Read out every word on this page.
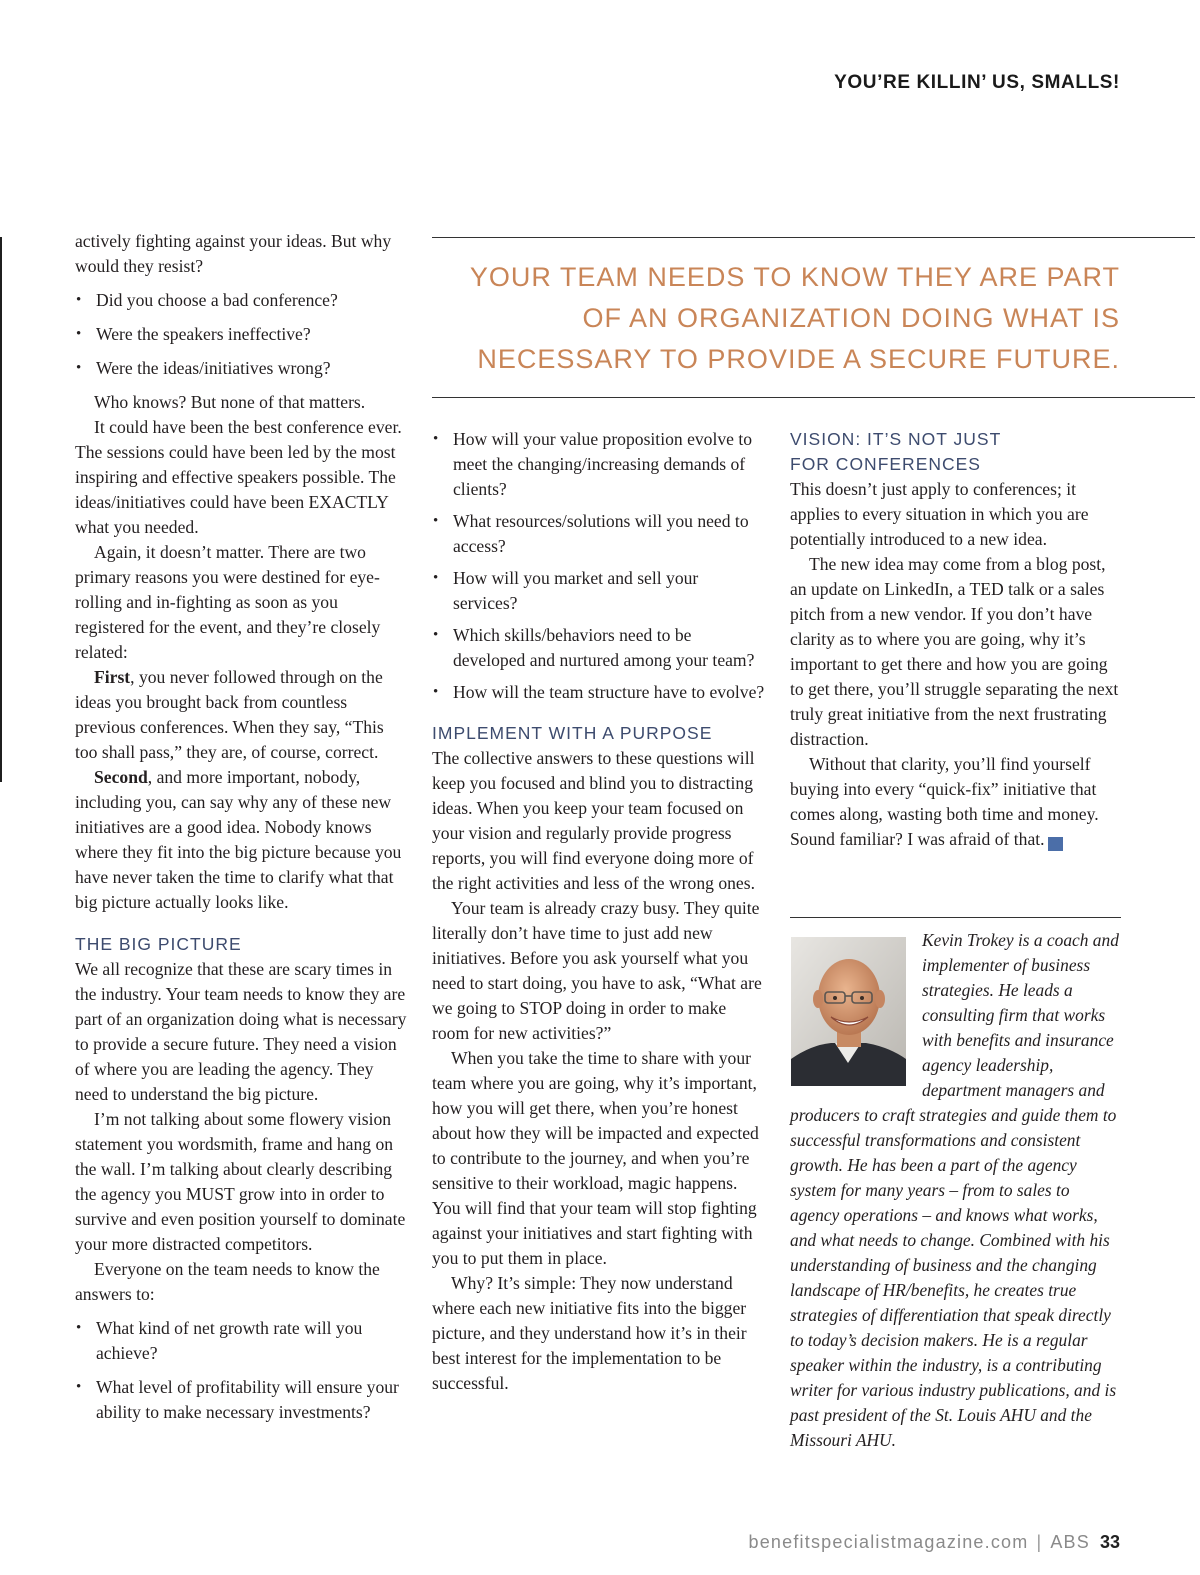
YOU’RE KILLIN’ US, SMALLS!

actively fighting against your ideas. But why would they resist?

• Did you choose a bad conference?
• Were the speakers ineffective?
• Were the ideas/initiatives wrong?

Who knows? But none of that matters.

It could have been the best conference ever. The sessions could have been led by the most inspiring and effective speakers possible. The ideas/initiatives could have been EXACTLY what you needed.

Again, it doesn’t matter. There are two primary reasons you were destined for eye-rolling and in-fighting as soon as you registered for the event, and they’re closely related:

First, you never followed through on the ideas you brought back from countless previous conferences. When they say, “This too shall pass,” they are, of course, correct.

Second, and more important, nobody, including you, can say why any of these new initiatives are a good idea. Nobody knows where they fit into the big picture because you have never taken the time to clarify what that big picture actually looks like.

THE BIG PICTURE

We all recognize that these are scary times in the industry. Your team needs to know they are part of an organization doing what is necessary to provide a secure future. They need a vision of where you are leading the agency. They need to understand the big picture.

I’m not talking about some flowery vision statement you wordsmith, frame and hang on the wall. I’m talking about clearly describing the agency you MUST grow into in order to survive and even position yourself to dominate your more distracted competitors.

Everyone on the team needs to know the answers to:

• What kind of net growth rate will you achieve?
• What level of profitability will ensure your ability to make necessary investments?
YOUR TEAM NEEDS TO KNOW THEY ARE PART OF AN ORGANIZATION DOING WHAT IS NECESSARY TO PROVIDE A SECURE FUTURE.
• How will your value proposition evolve to meet the changing/increasing demands of clients?
• What resources/solutions will you need to access?
• How will you market and sell your services?
• Which skills/behaviors need to be developed and nurtured among your team?
• How will the team structure have to evolve?
IMPLEMENT WITH A PURPOSE

The collective answers to these questions will keep you focused and blind you to distracting ideas. When you keep your team focused on your vision and regularly provide progress reports, you will find everyone doing more of the right activities and less of the wrong ones.

Your team is already crazy busy. They quite literally don’t have time to just add new initiatives. Before you ask yourself what you need to start doing, you have to ask, “What are we going to STOP doing in order to make room for new activities?”

When you take the time to share with your team where you are going, why it’s important, how you will get there, when you’re honest about how they will be impacted and expected to contribute to the journey, and when you’re sensitive to their workload, magic happens. You will find that your team will stop fighting against your initiatives and start fighting with you to put them in place.

Why? It’s simple: They now understand where each new initiative fits into the bigger picture, and they understand how it’s in their best interest for the implementation to be successful.

VISION: IT’S NOT JUST
FOR CONFERENCES

This doesn’t just apply to conferences; it applies to every situation in which you are potentially introduced to a new idea.

The new idea may come from a blog post, an update on LinkedIn, a TED talk or a sales pitch from a new vendor. If you don’t have clarity as to where you are going, why it’s important to get there and how you are going to get there, you’ll struggle separating the next truly great initiative from the next frustrating distraction.

Without that clarity, you’ll find yourself buying into every “quick-fix” initiative that comes along, wasting both time and money. Sound familiar? I was afraid of that.	ABS

Kevin Trokey is a coach and implementer of business strategies. He leads a consulting firm that works with benefits and insurance agency leadership, department managers and producers to craft strategies and guide them to successful transformations and consistent growth. He has been a part of the agency system for many years – from to sales to agency operations – and knows what works, and what needs to change. Combined with his understanding of business and the changing landscape of HR/benefits, he creates true strategies of differentiation that speak directly to today’s decision makers. He is a regular speaker within the industry, is a contributing writer for various industry publications, and is past president of the St. Louis AHU and the Missouri AHU.
benefitspecialistmagazine.com | ABS 33
